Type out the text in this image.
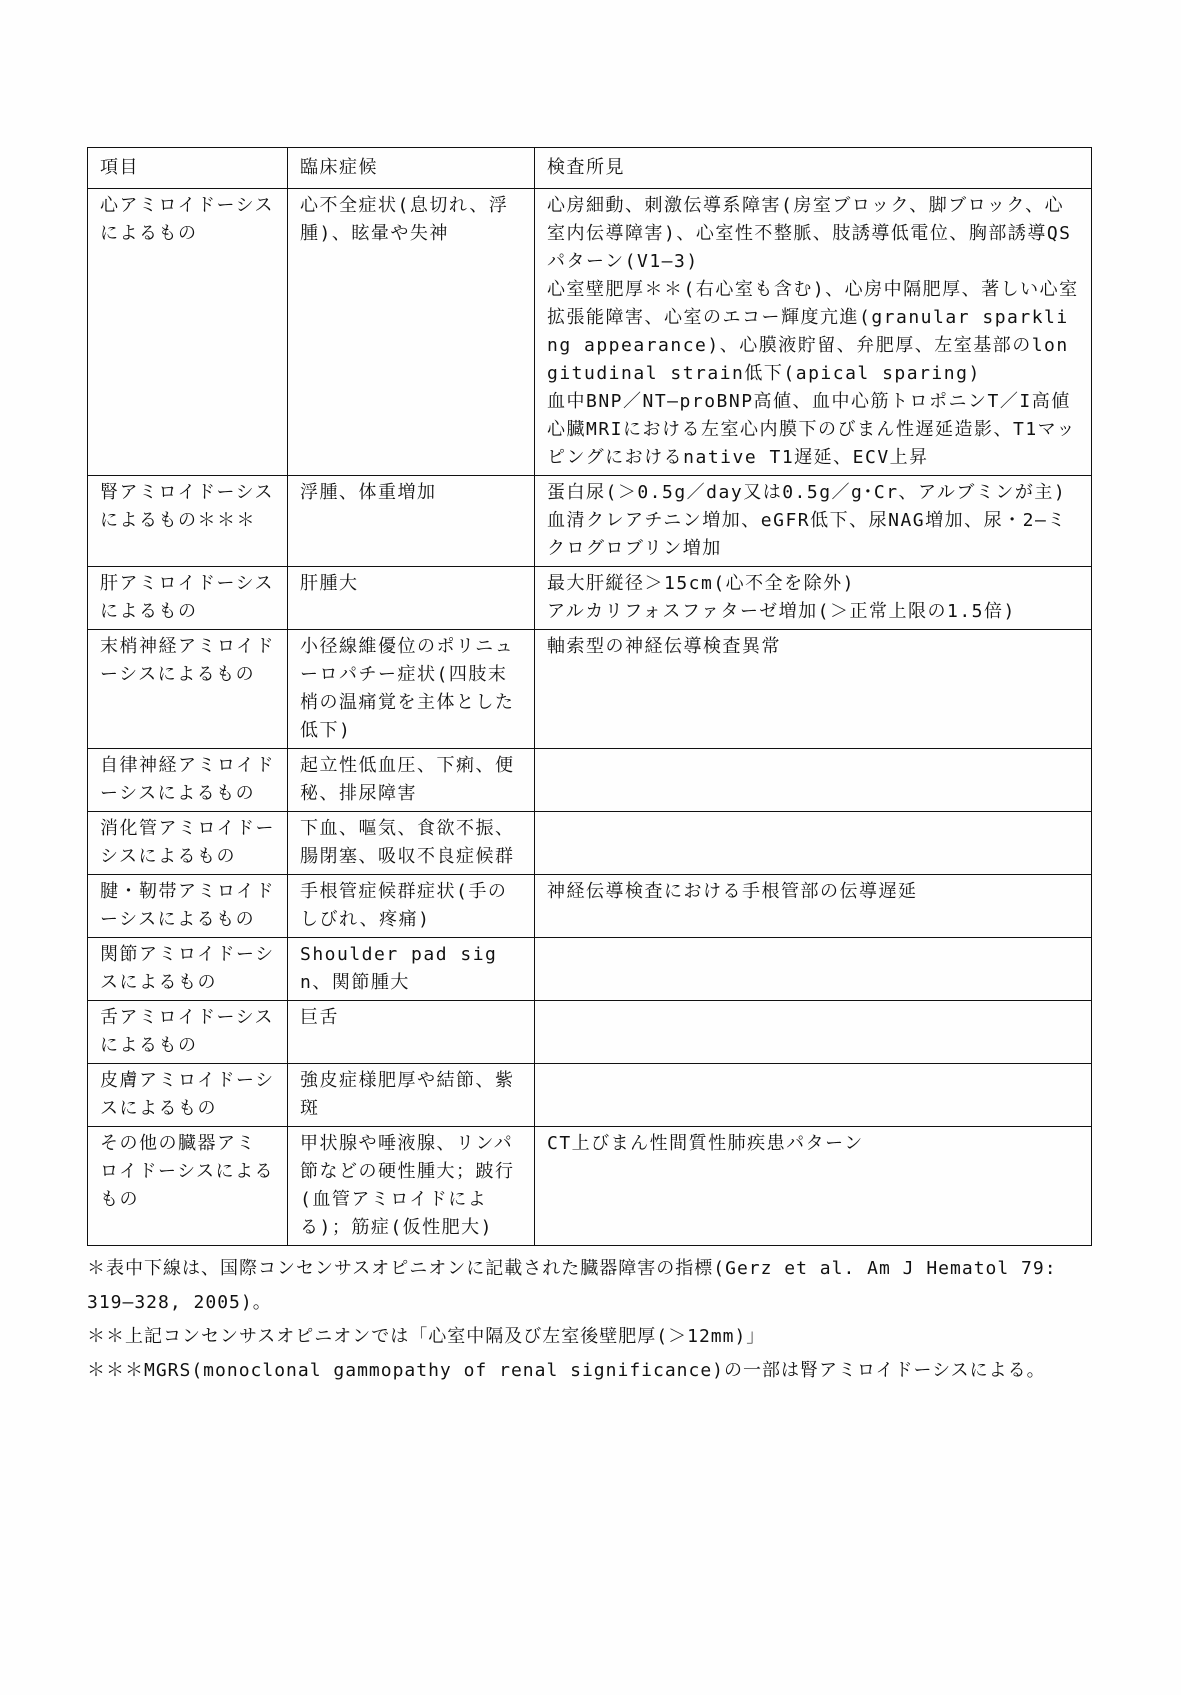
項目	臨床症候	検査所見
心アミロイドーシスによるもの	心不全症状(息切れ、浮腫)、眩暈や失神	心房細動、刺激伝導系障害(房室ブロック、脚ブロック、心室内伝導障害)、心室性不整脈、肢誘導低電位、胸部誘導QSパターン(V1―3)
心室壁肥厚＊＊(右心室も含む)、心房中隔肥厚、著しい心室拡張能障害、心室のエコー輝度亢進(granular sparkling appearance)、心膜液貯留、弁肥厚、左室基部のlongitudinal strain低下(apical sparing)
血中BNP／NT―proBNP高値、血中心筋トロポニンT／I高値心臓MRIにおける左室心内膜下のびまん性遅延造影、T1マッピングにおけるnative T1遅延、ECV上昇

腎アミロイドーシスによるもの＊＊＊	浮腫、体重増加	蛋白尿(＞0.5g／day又は0.5g／g･Cr、アルブミンが主)
血清クレアチニン増加、eGFR低下、尿NAG増加、尿・2―ミクログロブリン増加

肝アミロイドーシスによるもの	肝腫大	最大肝縦径＞15cm(心不全を除外)
アルカリフォスファターゼ増加(＞正常上限の1.5倍)

末梢神経アミロイドーシスによるもの	小径線維優位のポリニューロパチー症状(四肢末梢の温痛覚を主体とした低下)	軸索型の神経伝導検査異常

自律神経アミロイドーシスによるもの	起立性低血圧、下痢、便秘、排尿障害	
消化管アミロイドーシスによるもの	下血、嘔気、食欲不振、腸閉塞、吸収不良症候群	
腱・靭帯アミロイドーシスによるもの	手根管症候群症状(手のしびれ、疼痛)	神経伝導検査における手根管部の伝導遅延

関節アミロイドーシスによるもの	Shoulder pad sign、関節腫大	
舌アミロイドーシスによるもの	巨舌	
皮膚アミロイドーシスによるもの	強皮症様肥厚や結節、紫斑	
その他の臓器アミロイドーシスによるもの	甲状腺や唾液腺、リンパ節などの硬性腫大；跛行(血管アミロイドによる)；筋症(仮性肥大)	CT上びまん性間質性肺疾患パターン
＊表中下線は、国際コンセンサスオピニオンに記載された臓器障害の指標(Gerz et al. Am J Hematol 79: 319―328, 2005)。
＊＊上記コンセンサスオピニオンでは「心室中隔及び左室後壁肥厚(＞12mm)」
＊＊＊MGRS(monoclonal gammopathy of renal significance)の一部は腎アミロイドーシスによる。
